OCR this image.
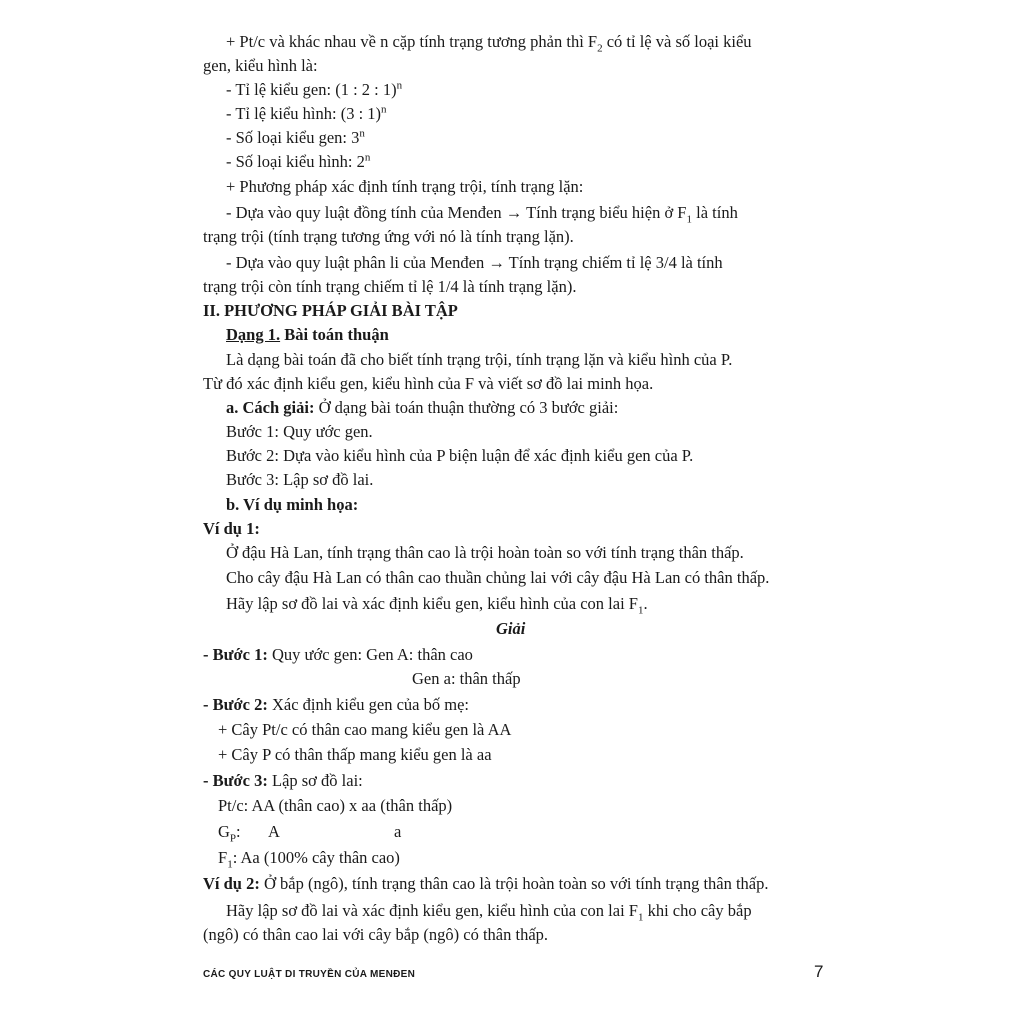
+ Pt/c và khác nhau về n cặp tính trạng tương phản thì $F_2$ có tỉ lệ và số loại kiểu
gen, kiểu hình là:
- Tỉ lệ kiểu gen: (1 : 2 : 1)$^n$
- Tỉ lệ kiểu hình: (3 : 1)$^n$
- Số loại kiểu gen: 3$^n$
- Số loại kiểu hình: $2^n$
+ Phương pháp xác định tính trạng trội, tính trạng lặn:
- Dựa vào quy luật đồng tính của Menđen → Tính trạng biểu hiện ở $F_1$ là tính
trạng trội (tính trạng tương ứng với nó là tính trạng lặn).
- Dựa vào quy luật phân li của Menđen → Tính trạng chiếm tỉ lệ 3/4 là tính
trạng trội còn tính trạng chiếm tỉ lệ 1/4 là tính trạng lặn).
II. PHƯƠNG PHÁP GIẢI BÀI TẬP
Dạng 1. Bài toán thuận
Là dạng bài toán đã cho biết tính trạng trội, tính trạng lặn và kiểu hình của P.
Từ đó xác định kiểu gen, kiểu hình của F và viết sơ đồ lai minh họa.
a. Cách giải: Ở dạng bài toán thuận thường có 3 bước giải:
Bước 1: Quy ước gen.
Bước 2: Dựa vào kiểu hình của P biện luận để xác định kiểu gen của P.
Bước 3: Lập sơ đồ lai.
b. Ví dụ minh họa:
Ví dụ 1:
Ở đậu Hà Lan, tính trạng thân cao là trội hoàn toàn so với tính trạng thân thấp.
Cho cây đậu Hà Lan có thân cao thuần chủng lai với cây đậu Hà Lan có thân thấp.
Hãy lập sơ đồ lai và xác định kiểu gen, kiểu hình của con lai $F_1$.
Giải
- Bước 1: Quy ước gen: Gen A: thân cao
Gen a: thân thấp
- Bước 2: Xác định kiểu gen của bố mẹ:
+ Cây Pt/c có thân cao mang kiểu gen là AA
+ Cây P có thân thấp mang kiểu gen là aa
- Bước 3: Lập sơ đồ lai:
Pt/c: AA (thân cao) x aa (thân thấp)
$G_P$: A	a
$F_1$: Aa (100% cây thân cao)
Ví dụ 2: Ở bắp (ngô), tính trạng thân cao là trội hoàn toàn so với tính trạng thân thấp.
Hãy lập sơ đồ lai và xác định kiểu gen, kiểu hình của con lai $F_1$ khi cho cây bắp
(ngô) có thân cao lai với cây bắp (ngô) có thân thấp.
CÁC QUY LUẬT DI TRUYỀN CỦA MENĐEN	7
